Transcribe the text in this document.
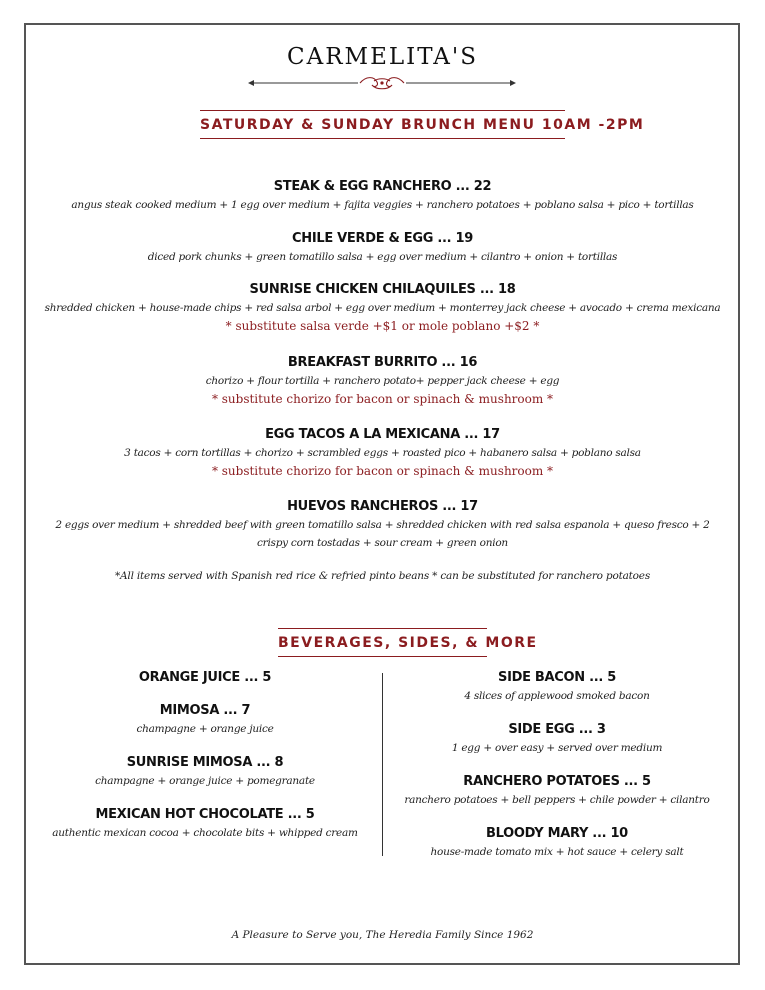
CARMELITA'S
SATURDAY & SUNDAY BRUNCH MENU 10AM -2PM
STEAK & EGG RANCHERO ... 22
angus steak cooked medium + 1 egg over medium + fajita veggies + ranchero potatoes + poblano salsa + pico + tortillas
CHILE VERDE & EGG ... 19
diced pork chunks + green tomatillo salsa + egg over medium + cilantro + onion + tortillas
SUNRISE CHICKEN CHILAQUILES ... 18
shredded chicken + house-made chips + red salsa arbol + egg over medium + monterrey jack cheese + avocado + crema mexicana
* substitute salsa verde +$1 or mole poblano +$2 *
BREAKFAST BURRITO ... 16
chorizo + flour tortilla + ranchero potato+ pepper jack cheese + egg
* substitute chorizo for bacon or spinach & mushroom *
EGG TACOS A LA MEXICANA ... 17
3 tacos + corn tortillas + chorizo + scrambled eggs + roasted pico + habanero salsa + poblano salsa
* substitute chorizo for bacon or spinach & mushroom *
HUEVOS RANCHEROS ... 17
2 eggs over medium + shredded beef with green tomatillo salsa + shredded chicken with red salsa espanola + queso fresco + 2
crispy corn tostadas + sour cream + green onion
*All items served with Spanish red rice & refried pinto beans * can be substituted for ranchero potatoes
BEVERAGES, SIDES, & MORE
ORANGE JUICE ... 5
MIMOSA ... 7
champagne + orange juice
SUNRISE MIMOSA ... 8
champagne + orange juice + pomegranate
MEXICAN HOT CHOCOLATE ... 5
authentic mexican cocoa + chocolate bits + whipped cream
SIDE BACON ... 5
4 slices of applewood smoked bacon
SIDE EGG ... 3
1 egg + over easy + served over medium
RANCHERO POTATOES ... 5
ranchero potatoes + bell peppers + chile powder + cilantro
BLOODY MARY ... 10
house-made tomato mix + hot sauce + celery salt
A Pleasure to Serve you, The Heredia Family Since 1962
